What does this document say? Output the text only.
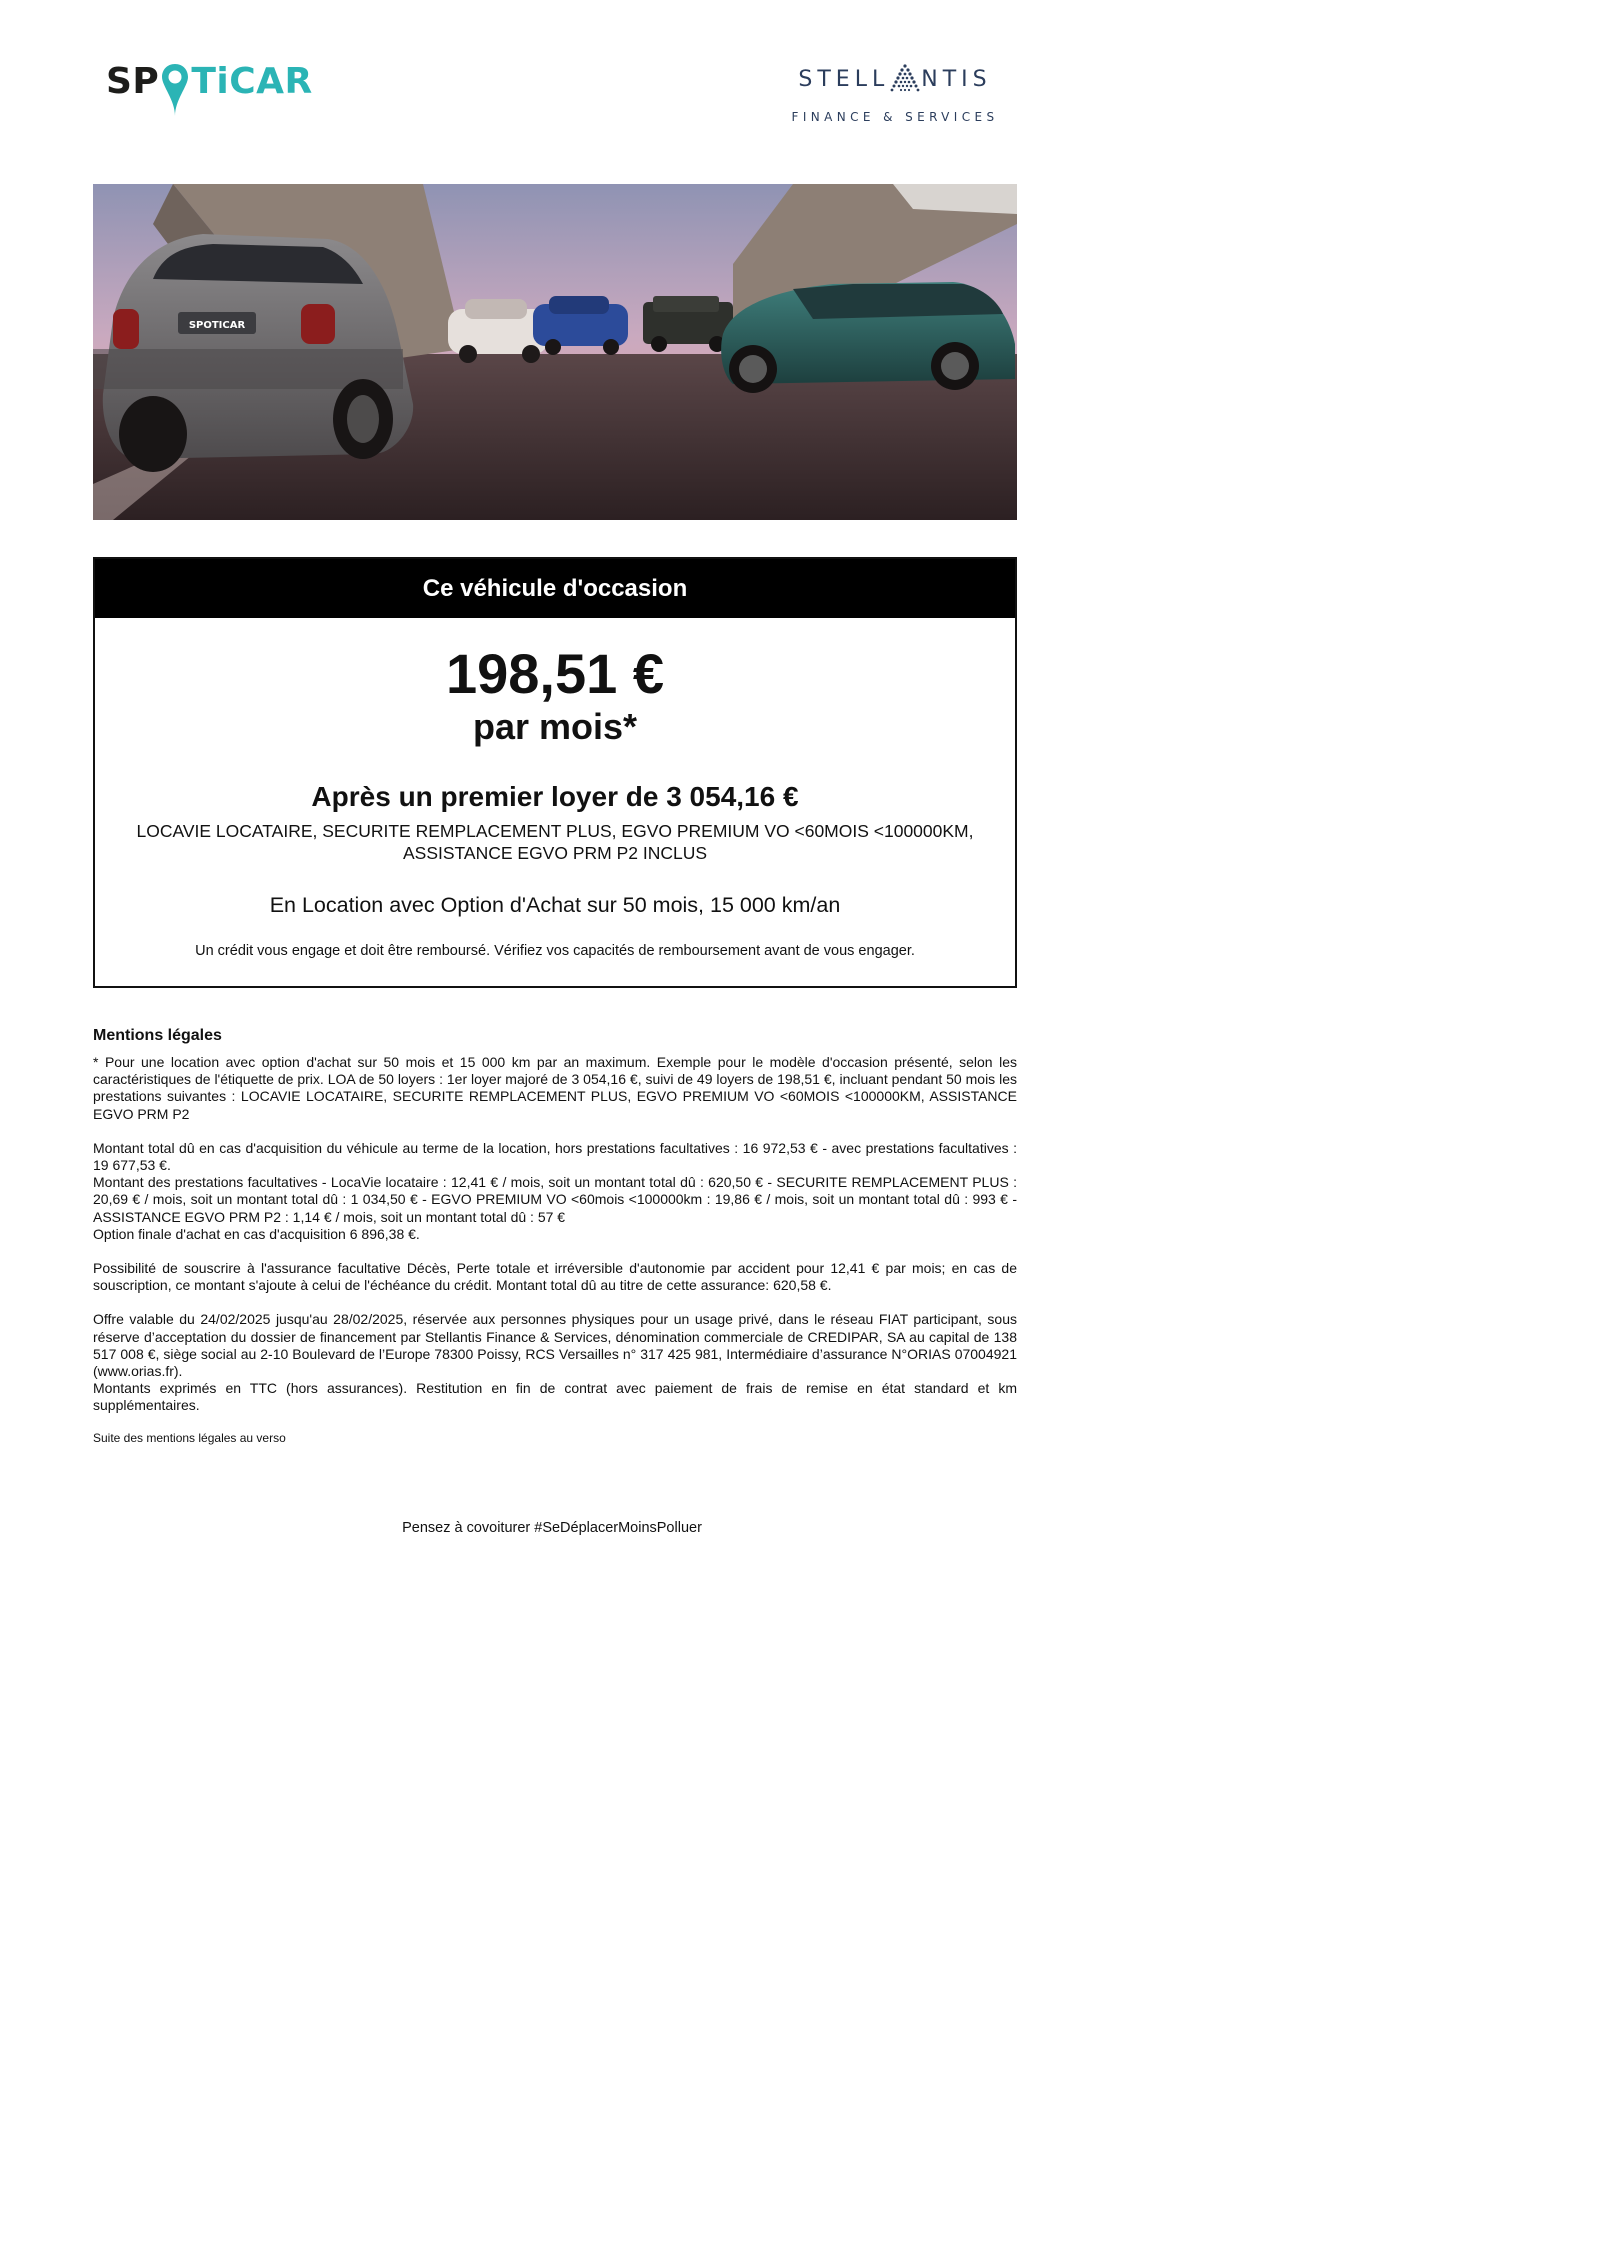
SP TiCAR	STELL NTIS
FINANCE & SERVICES
SPOTICAR
Ce véhicule d'occasion
198,51 €
par mois*
Après un premier loyer de 3 054,16 €
LOCAVIE LOCATAIRE, SECURITE REMPLACEMENT PLUS, EGVO PREMIUM VO <60MOIS <100000KM,
ASSISTANCE EGVO PRM P2 INCLUS
En Location avec Option d'Achat sur 50 mois, 15 000 km/an
Un crédit vous engage et doit être remboursé. Vérifiez vos capacités de remboursement avant de vous engager.
Mentions légales

* Pour une location avec option d'achat sur 50 mois et 15 000 km par an maximum. Exemple pour le modèle d'occasion présenté, selon les caractéristiques de l'étiquette de prix. LOA de 50 loyers : 1er loyer majoré de 3 054,16 €, suivi de 49 loyers de 198,51 €, incluant pendant 50 mois les prestations suivantes : LOCAVIE LOCATAIRE, SECURITE REMPLACEMENT PLUS, EGVO PREMIUM VO <60MOIS <100000KM, ASSISTANCE EGVO PRM P2

Montant total dû en cas d'acquisition du véhicule au terme de la location, hors prestations facultatives : 16 972,53 € - avec prestations facultatives : 19 677,53 €.

Montant des prestations facultatives - LocaVie locataire : 12,41 € / mois, soit un montant total dû : 620,50 € - SECURITE REMPLACEMENT PLUS : 20,69 € / mois, soit un montant total dû : 1 034,50 € - EGVO PREMIUM VO <60mois <100000km : 19,86 € / mois, soit un montant total dû : 993 € - ASSISTANCE EGVO PRM P2 : 1,14 € / mois, soit un montant total dû : 57 €

Option finale d'achat en cas d'acquisition 6 896,38 €.

Possibilité de souscrire à l'assurance facultative Décès, Perte totale et irréversible d'autonomie par accident pour 12,41 € par mois; en cas de souscription, ce montant s'ajoute à celui de l'échéance du crédit. Montant total dû au titre de cette assurance: 620,58 €.

Offre valable du 24/02/2025 jusqu'au 28/02/2025, réservée aux personnes physiques pour un usage privé, dans le réseau FIAT participant, sous réserve d’acceptation du dossier de financement par Stellantis Finance & Services, dénomination commerciale de CREDIPAR, SA au capital de 138 517 008 €, siège social au 2-10 Boulevard de l’Europe 78300 Poissy, RCS Versailles n° 317 425 981, Intermédiaire d’assurance N°ORIAS 07004921 (www.orias.fr).

Montants exprimés en TTC (hors assurances). Restitution en fin de contrat avec paiement de frais de remise en état standard et km supplémentaires.

Suite des mentions légales au verso
Pensez à covoiturer #SeDéplacerMoinsPolluer
